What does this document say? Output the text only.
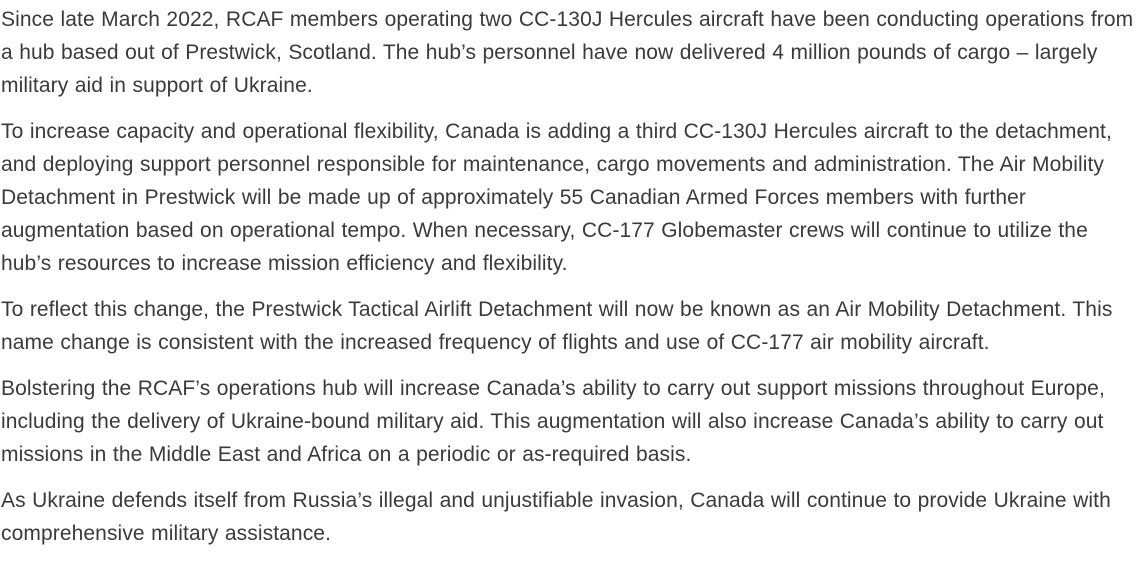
Since late March 2022, RCAF members operating two CC-130J Hercules aircraft have been conducting operations from a hub based out of Prestwick, Scotland. The hub’s personnel have now delivered 4 million pounds of cargo – largely military aid in support of Ukraine.

To increase capacity and operational flexibility, Canada is adding a third CC-130J Hercules aircraft to the detachment, and deploying support personnel responsible for maintenance, cargo movements and administration. The Air Mobility Detachment in Prestwick will be made up of approximately 55 Canadian Armed Forces members with further augmentation based on operational tempo. When necessary, CC-177 Globemaster crews will continue to utilize the hub’s resources to increase mission efficiency and flexibility.

To reflect this change, the Prestwick Tactical Airlift Detachment will now be known as an Air Mobility Detachment. This name change is consistent with the increased frequency of flights and use of CC-177 air mobility aircraft.

Bolstering the RCAF’s operations hub will increase Canada’s ability to carry out support missions throughout Europe, including the delivery of Ukraine-bound military aid. This augmentation will also increase Canada’s ability to carry out missions in the Middle East and Africa on a periodic or as-required basis.

As Ukraine defends itself from Russia’s illegal and unjustifiable invasion, Canada will continue to provide Ukraine with comprehensive military assistance.
